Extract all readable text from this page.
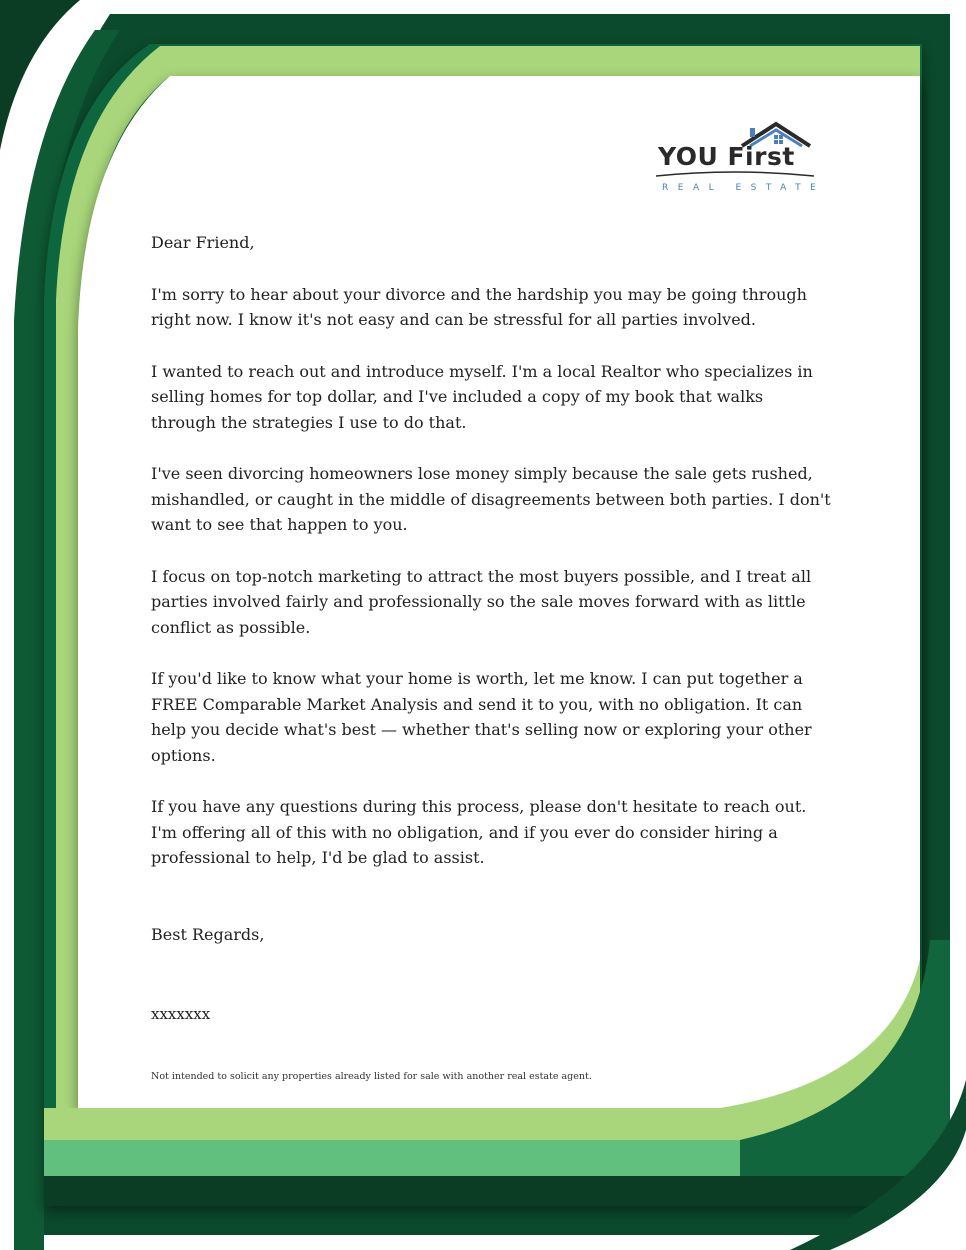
YOU First
REAL ESTATE

Dear Friend,

I'm sorry to hear about your divorce and the hardship you may be going through right now. I know it's not easy and can be stressful for all parties involved.

I wanted to reach out and introduce myself. I'm a local Realtor who specializes in selling homes for top dollar, and I've included a copy of my book that walks through the strategies I use to do that.

I've seen divorcing homeowners lose money simply because the sale gets rushed, mishandled, or caught in the middle of disagreements between both parties. I don't want to see that happen to you.

I focus on top-notch marketing to attract the most buyers possible, and I treat all parties involved fairly and professionally so the sale moves forward with as little conflict as possible.

If you'd like to know what your home is worth, let me know. I can put together a FREE Comparable Market Analysis and send it to you, with no obligation. It can help you decide what's best — whether that's selling now or exploring your other options.

If you have any questions during this process, please don't hesitate to reach out. I'm offering all of this with no obligation, and if you ever do consider hiring a professional to help, I'd be glad to assist.

Best Regards,
xxxxxxx
Not intended to solicit any properties already listed for sale with another real estate agent.
